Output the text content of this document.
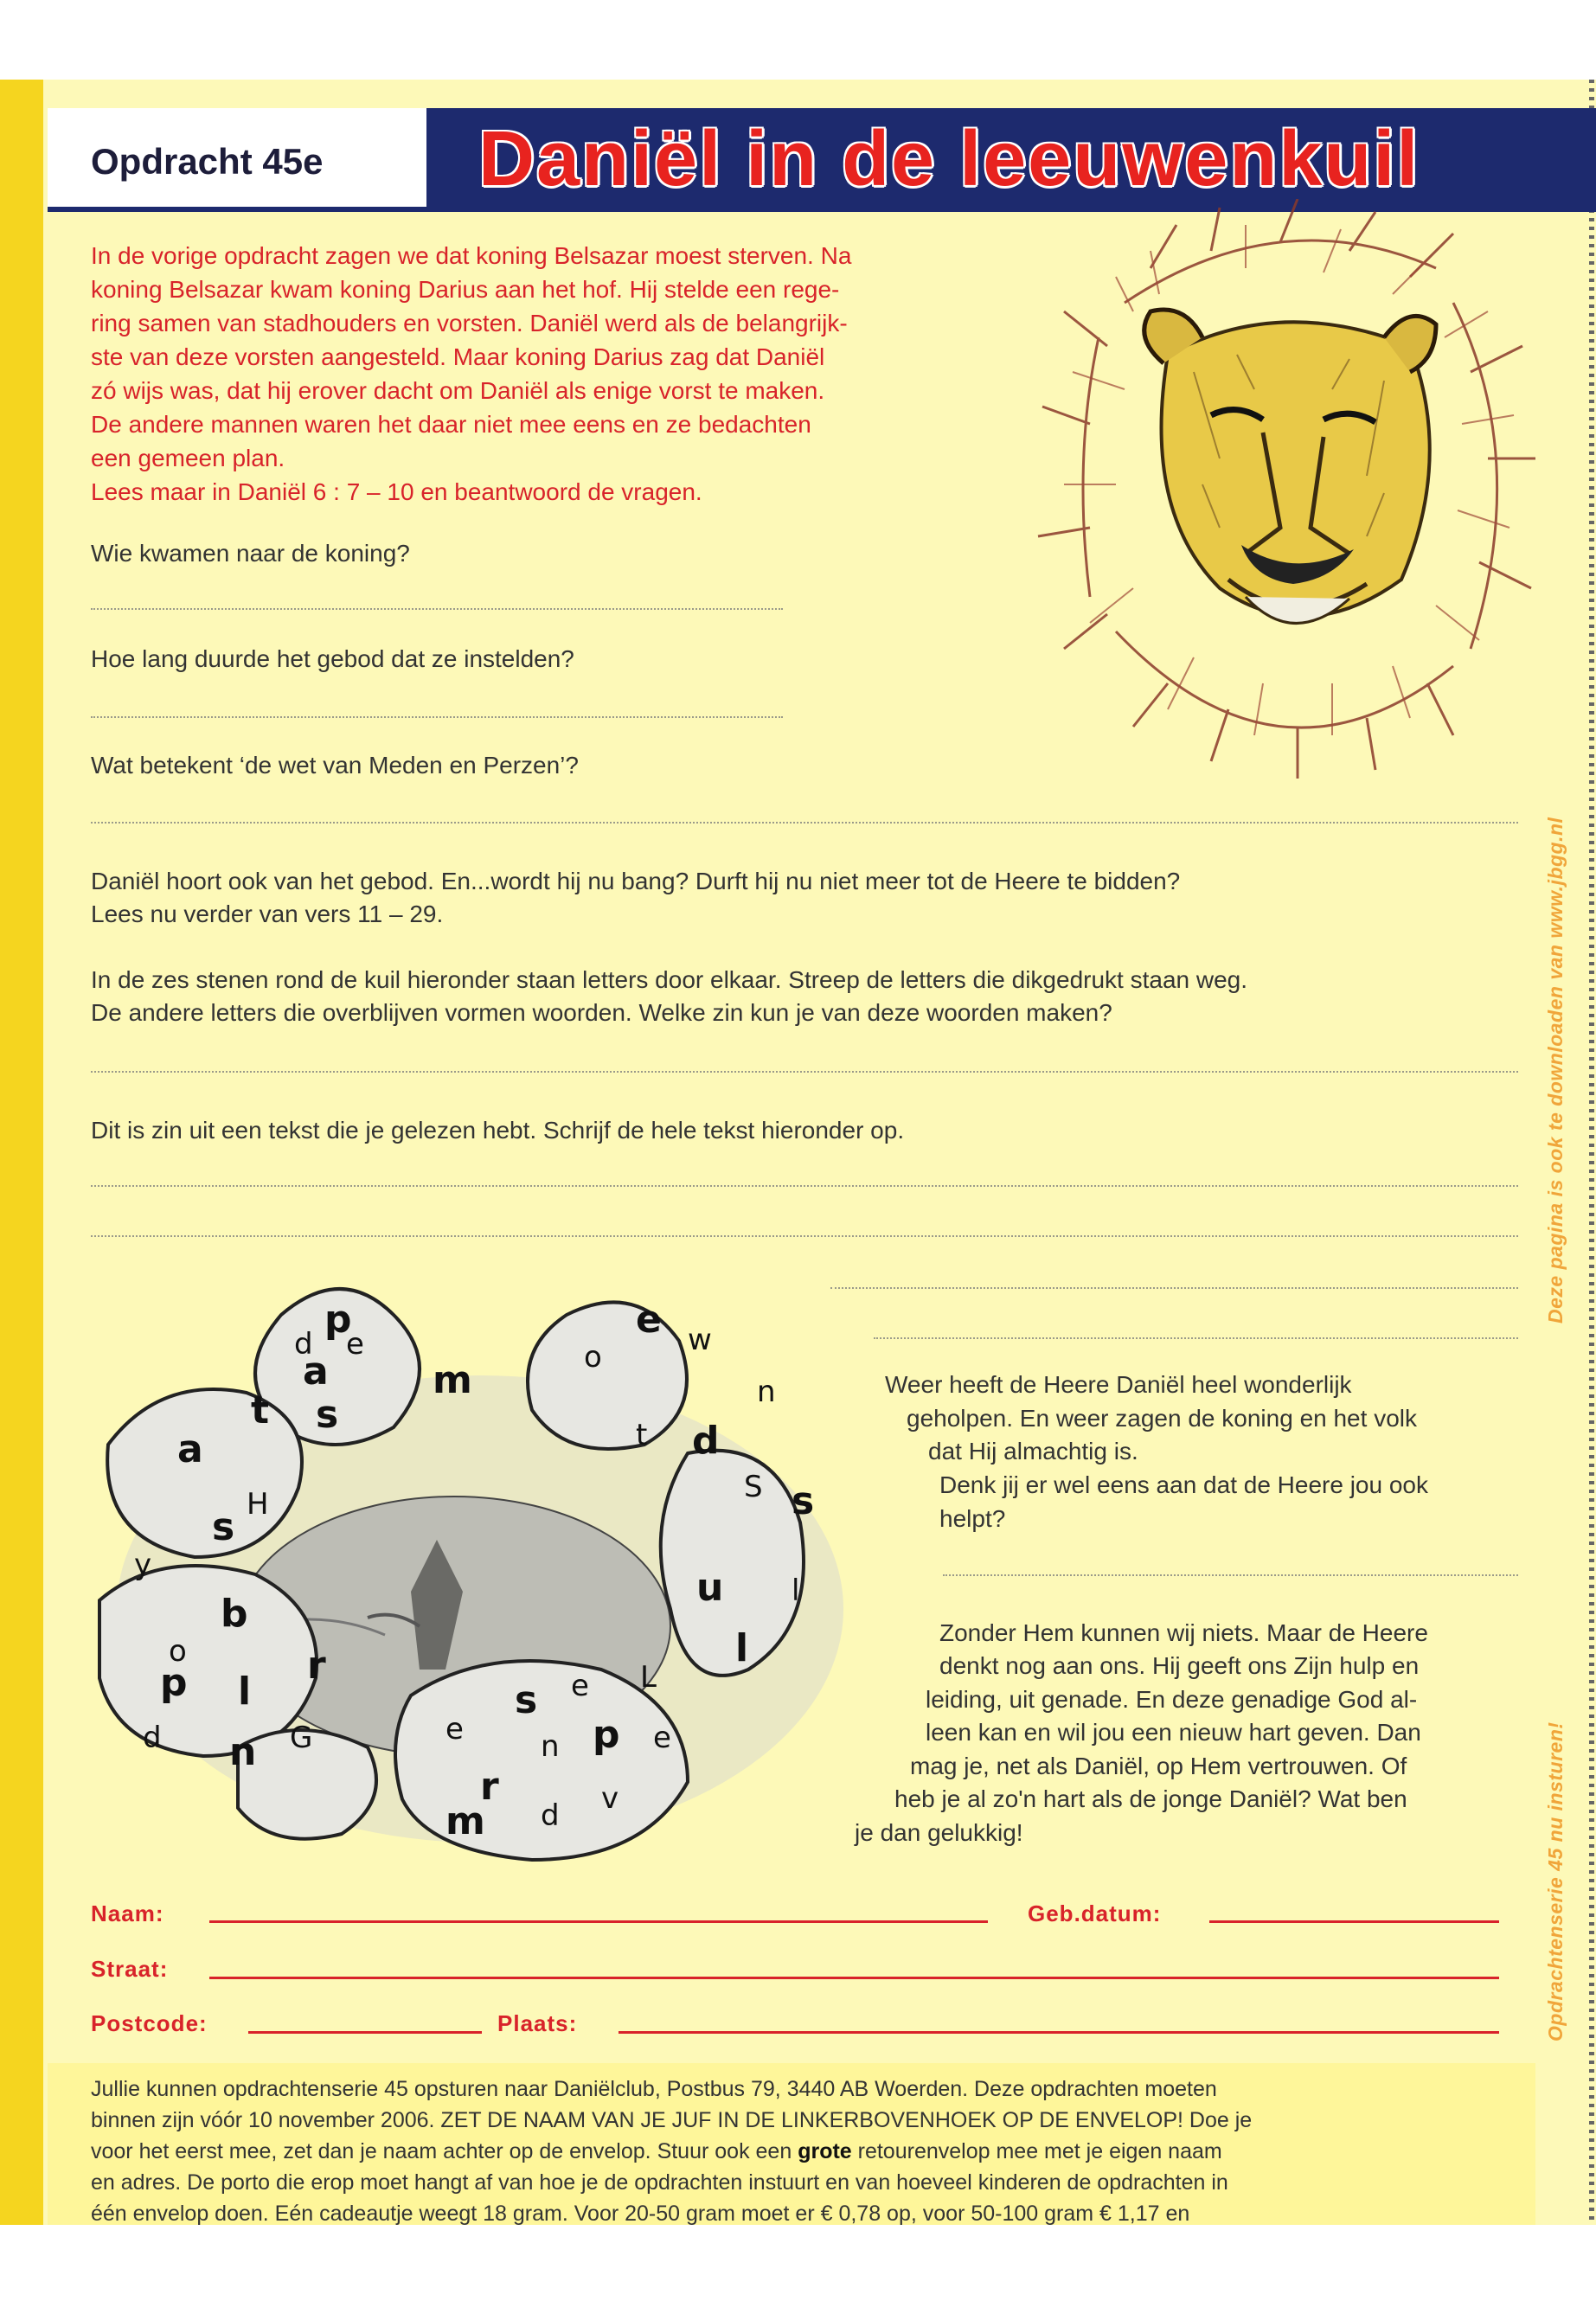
Deze pagina is ook te downloaden van www.jbgg.nl
Opdrachtenserie 45 nu insturen!
Opdracht 45e Daniël in de leeuwenkuil
In de vorige opdracht zagen we dat koning Belsazar moest sterven. Na
koning Belsazar kwam koning Darius aan het hof. Hij stelde een rege-
ring samen van stadhouders en vorsten. Daniël werd als de belangrijk-
ste van deze vorsten aangesteld. Maar koning Darius zag dat Daniël
zó wijs was, dat hij erover dacht om Daniël als enige vorst te maken.
De andere mannen waren het daar niet mee eens en ze bedachten
een gemeen plan.
Lees maar in Daniël 6 : 7 – 10 en beantwoord de vragen.
Wie kwamen naar de koning?
Hoe lang duurde het gebod dat ze instelden?
Wat betekent ‘de wet van Meden en Perzen’?
Daniël hoort ook van het gebod. En...wordt hij nu bang? Durft hij nu niet meer tot de Heere te bidden?
Lees nu verder van vers 11 – 29.
In de zes stenen rond de kuil hieronder staan letters door elkaar. Streep de letters die dikgedrukt staan weg.
De andere letters die overblijven vormen woorden. Welke zin kun je van deze woorden maken?
Dit is zin uit een tekst die je gelezen hebt. Schrijf de hele tekst hieronder op.
p
a
s
m
t
a
s
e
d
s
u
l
b
p	r
l
n
s
p
r
m
e
d	w
o
n
H
t
y
S
l
o
d	G	e
e L
e
n
d v
Weer heeft de Heere Daniël heel wonderlijk
geholpen. En weer zagen de koning en het volk
dat Hij almachtig is.
Denk jij er wel eens aan dat de Heere jou ook
helpt?
Zonder Hem kunnen wij niets. Maar de Heere
denkt nog aan ons. Hij geeft ons Zijn hulp en
leiding, uit genade. En deze genadige God al-
leen kan en wil jou een nieuw hart geven. Dan
mag je, net als Daniël, op Hem vertrouwen. Of
heb je al zo'n hart als de jonge Daniël? Wat ben
je dan gelukkig!
Naam:	Geb.datum:
Straat:
Postcode:	Plaats:
Jullie kunnen opdrachtenserie 45 opsturen naar Daniëlclub, Postbus 79, 3440 AB Woerden. Deze opdrachten moeten
binnen zijn vóór 10 november 2006. ZET DE NAAM VAN JE JUF IN DE LINKERBOVENHOEK OP DE ENVELOP! Doe je
voor het eerst mee, zet dan je naam achter op de envelop. Stuur ook een grote retourenvelop mee met je eigen naam
en adres. De porto die erop moet hangt af van hoe je de opdrachten instuurt en van hoeveel kinderen de opdrachten in
één envelop doen. Eén cadeautje weegt 18 gram. Voor 20-50 gram moet er € 0,78 op, voor 50-100 gram € 1,17 en
